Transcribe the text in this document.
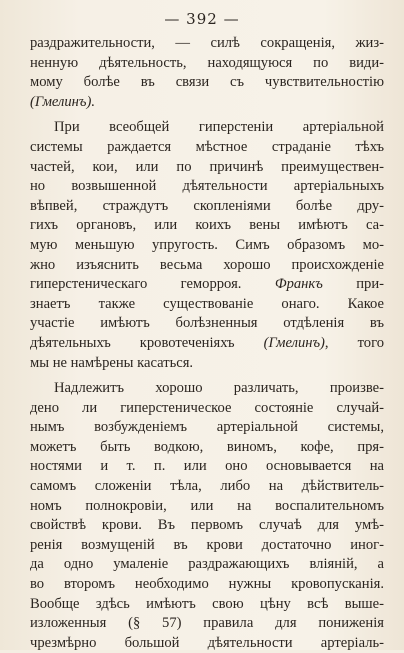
— 392 —
раздражительности, — силѣ сокращенія, жиз-
ненную дѣятельность, находящуюся по види-
мому болѣе въ связи съ чувствительностію
(Гмелинъ).
При всеобщей гиперстеніи артеріальной
системы раждается мѣстное страданіе тѣхъ
частей, кои, или по причинѣ преимуществен-
но возвышенной дѣятельности артеріальныхъ
вѣпвей, страждутъ скопленіями болѣе дру-
гихъ органовъ, или коихъ вены имѣютъ са-
мую меньшую упругость. Симъ образомъ мо-
жно изъяснить весьма хорошо происхожденіе
гиперстеническаго геморроя. Франкъ при-
знаетъ также существованіе онаго. Какое
участіе имѣютъ болѣзненныя отдѣленія въ
дѣятельныхъ кровотеченіяхъ (Гмелинъ), того
мы не намѣрены касаться.
Надлежитъ хорошо различать, произве-
дено ли гиперстеническое состояніе случай-
нымъ возбужденіемъ артеріальной системы,
можетъ быть водкою, виномъ, кофе, пря-
ностями и т. п. или оно основывается на
самомъ сложеніи тѣла, либо на дѣйствитель-
номъ полнокровіи, или на воспалительномъ
свойствѣ крови. Въ первомъ случаѣ для умѣ-
ренія возмущеній въ крови достаточно иног-
да одно умаленіе раздражающихъ вліяній, а
во второмъ необходимо нужны кровопусканія.
Вообще здѣсь имѣютъ свою цѣну всѣ выше-
изложенныя (§ 57) правила для пониженія
чрезмѣрно большой дѣятельности артеріаль-
